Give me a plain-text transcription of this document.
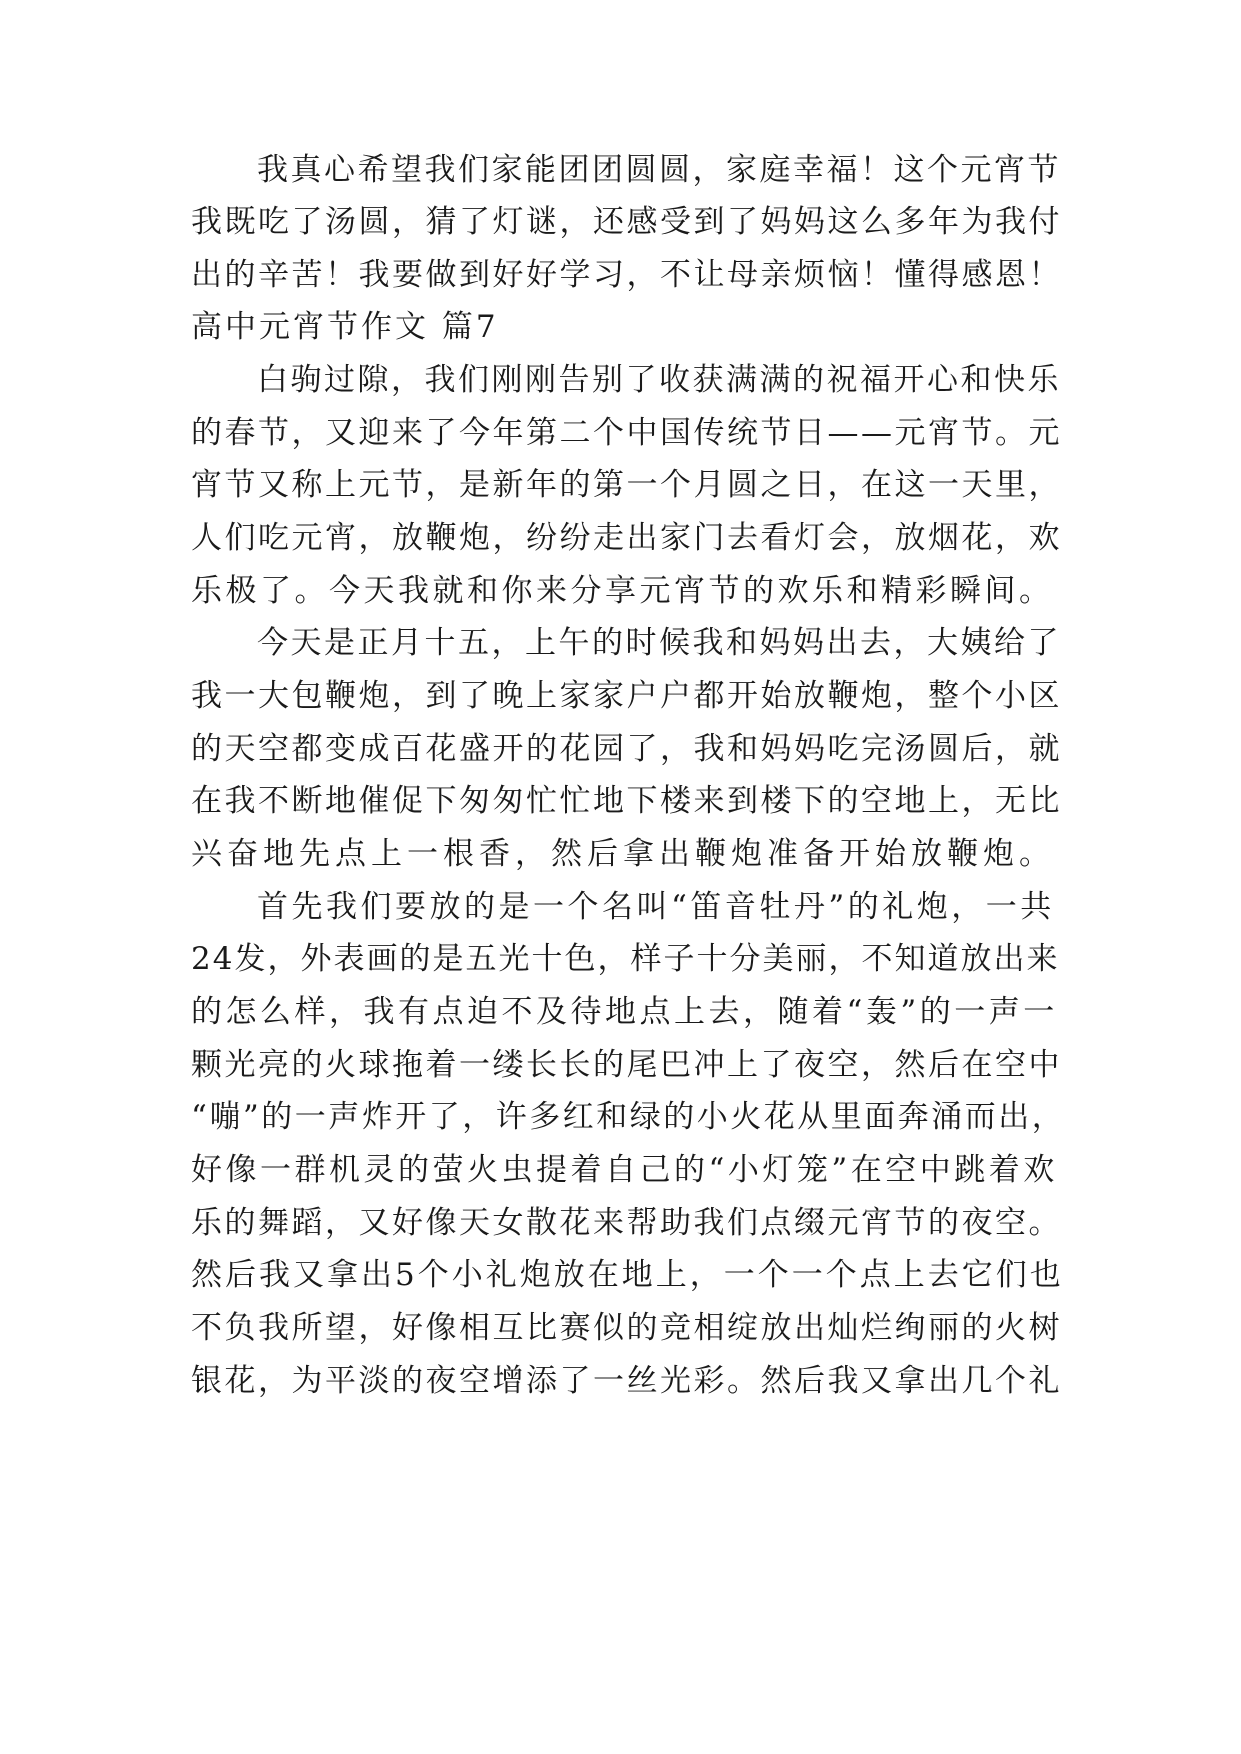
我真心希望我们家能团团圆圆，家庭幸福！这个元宵节
我既吃了汤圆，猜了灯谜，还感受到了妈妈这么多年为我付
出的辛苦！我要做到好好学习，不让母亲烦恼！懂得感恩！
高中元宵节作文 篇7
白驹过隙，我们刚刚告别了收获满满的祝福开心和快乐
的春节，又迎来了今年第二个中国传统节日——元宵节。元
宵节又称上元节，是新年的第一个月圆之日，在这一天里，
人们吃元宵，放鞭炮，纷纷走出家门去看灯会，放烟花，欢
乐极了。今天我就和你来分享元宵节的欢乐和精彩瞬间。
今天是正月十五，上午的时候我和妈妈出去，大姨给了
我一大包鞭炮，到了晚上家家户户都开始放鞭炮，整个小区
的天空都变成百花盛开的花园了，我和妈妈吃完汤圆后，就
在我不断地催促下匆匆忙忙地下楼来到楼下的空地上，无比
兴奋地先点上一根香，然后拿出鞭炮准备开始放鞭炮。
首先我们要放的是一个名叫“笛音牡丹”的礼炮，一共
24发，外表画的是五光十色，样子十分美丽，不知道放出来
的怎么样，我有点迫不及待地点上去，随着“轰”的一声一
颗光亮的火球拖着一缕长长的尾巴冲上了夜空，然后在空中
“嘣”的一声炸开了，许多红和绿的小火花从里面奔涌而出，
好像一群机灵的萤火虫提着自己的“小灯笼”在空中跳着欢
乐的舞蹈，又好像天女散花来帮助我们点缀元宵节的夜空。
然后我又拿出5个小礼炮放在地上，一个一个点上去它们也
不负我所望，好像相互比赛似的竞相绽放出灿烂绚丽的火树
银花，为平淡的夜空增添了一丝光彩。然后我又拿出几个礼
